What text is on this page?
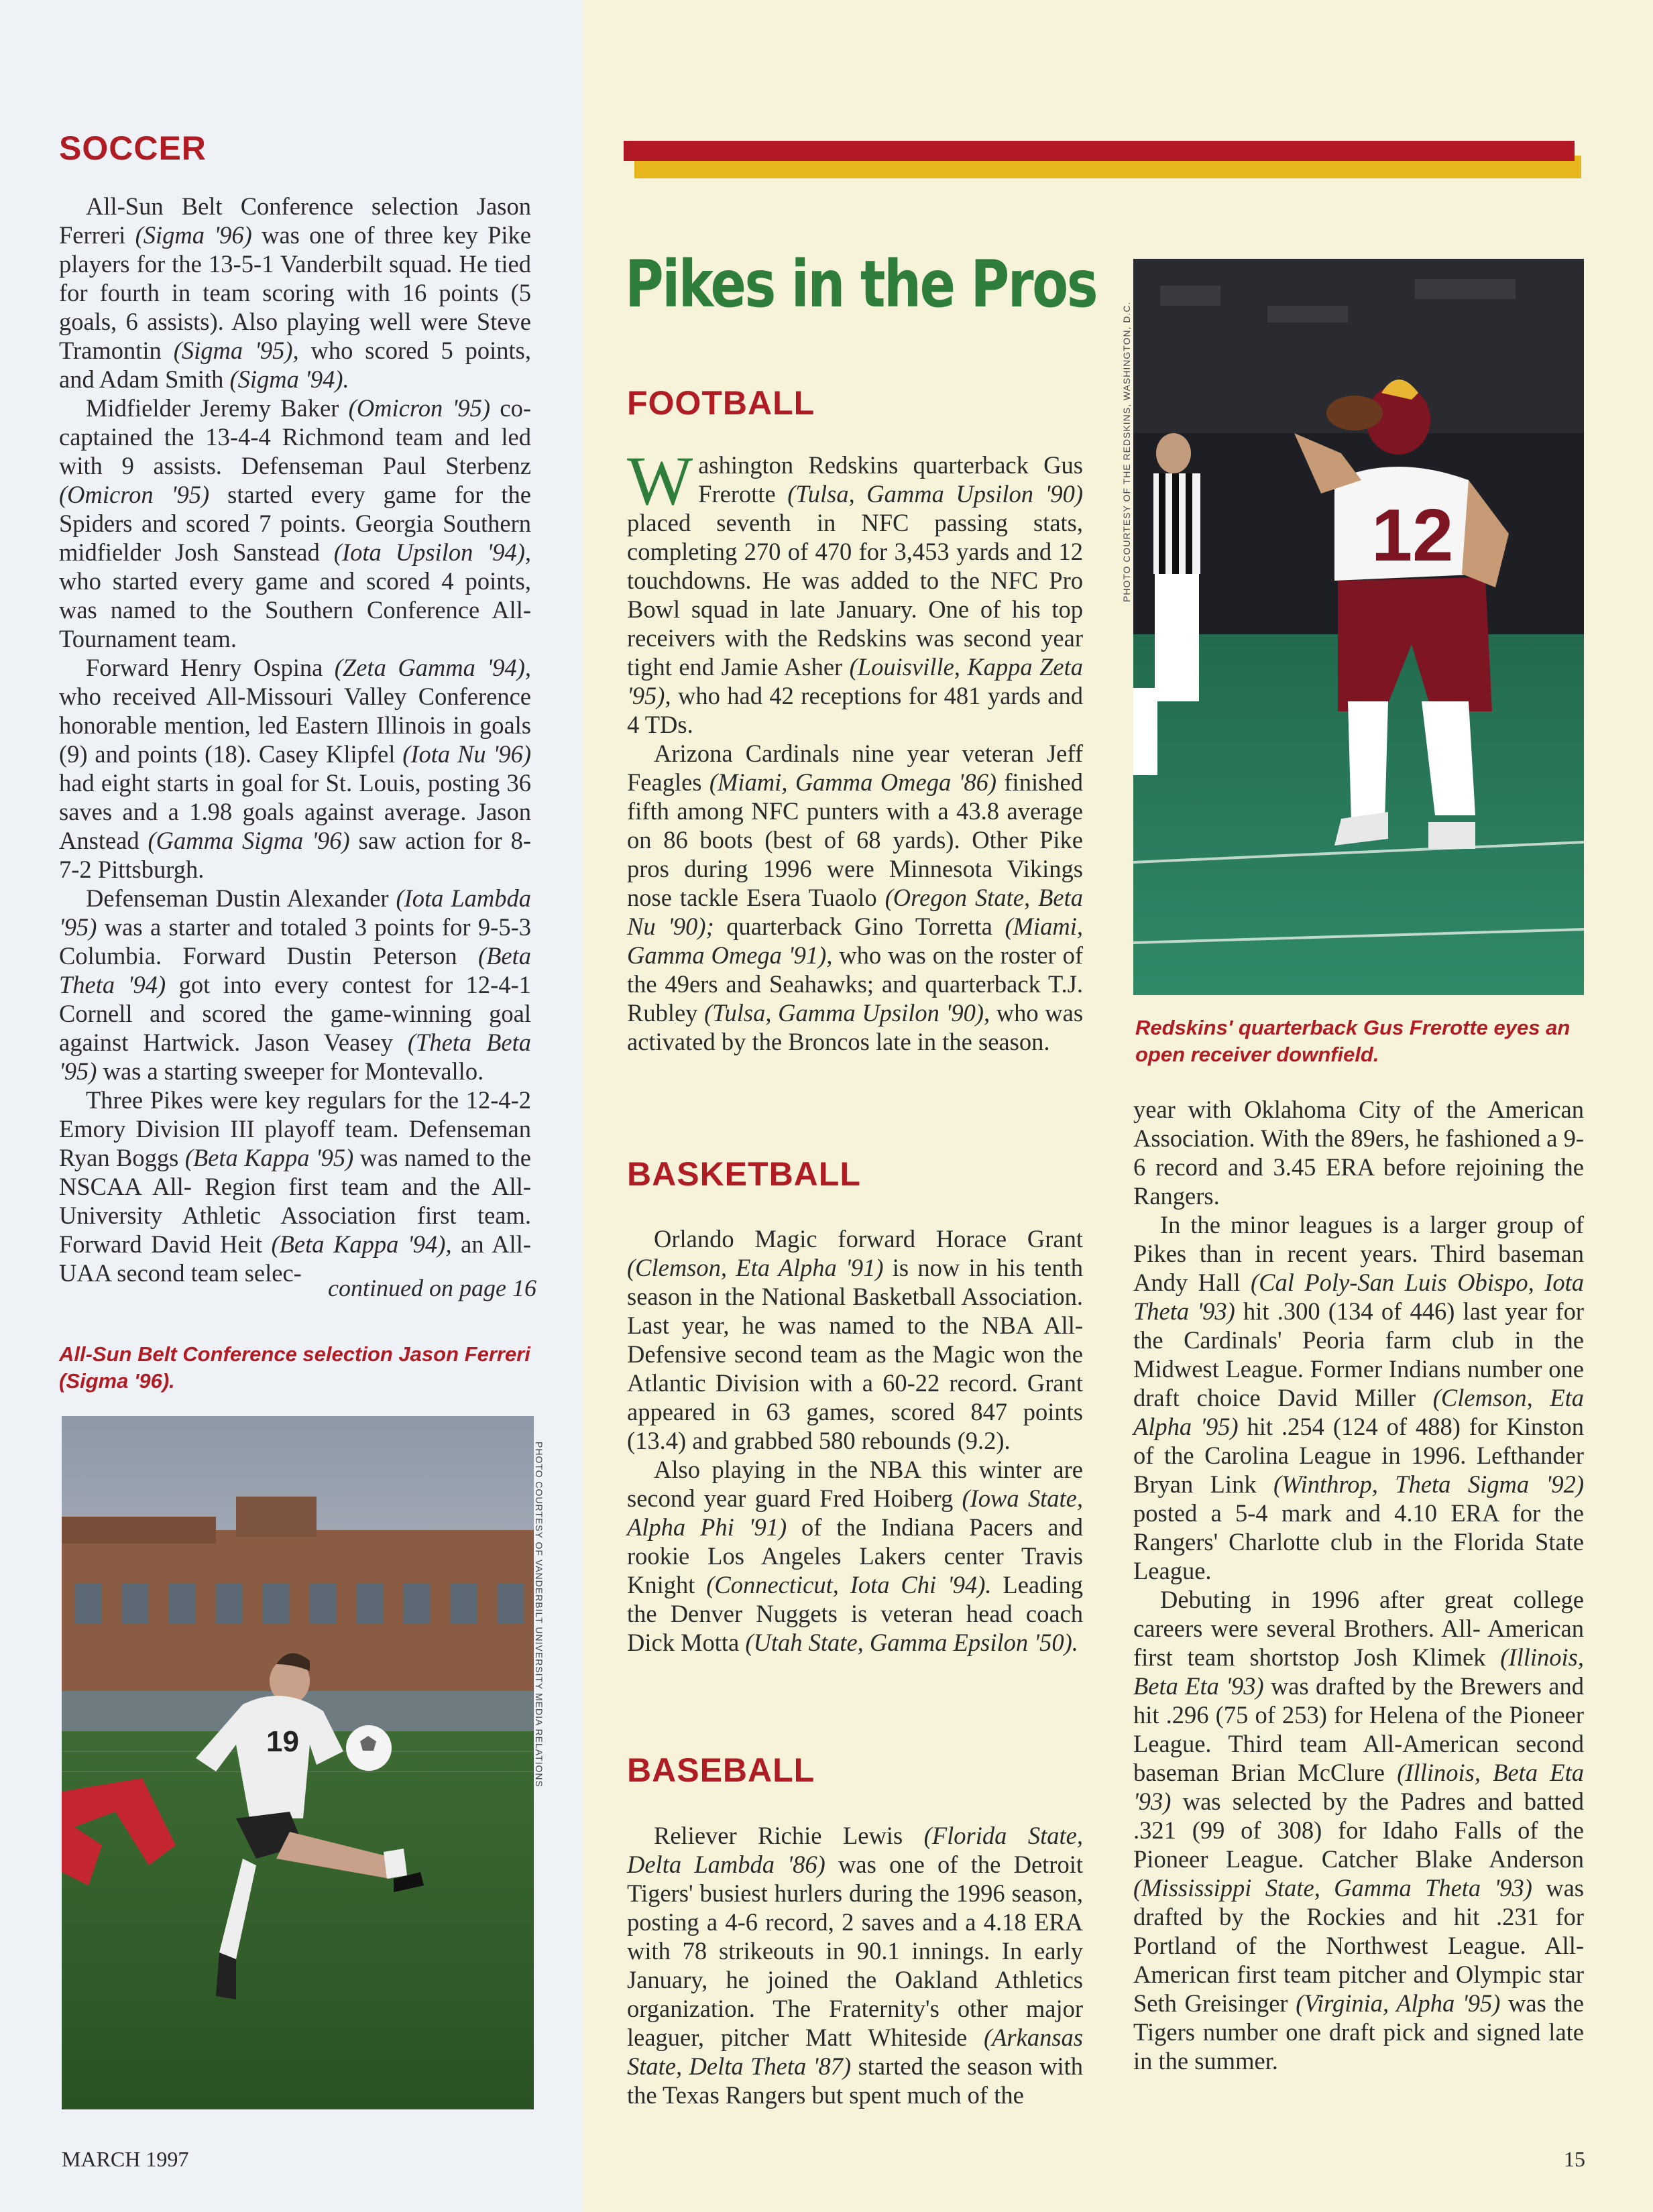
SOCCER

All-Sun Belt Conference selection Jason Ferreri (Sigma '96) was one of three key Pike players for the 13-5-1 Vanderbilt squad. He tied for fourth in team scoring with 16 points (5 goals, 6 assists). Also playing well were Steve Tramontin (Sigma '95), who scored 5 points, and Adam Smith (Sigma '94).

Midfielder Jeremy Baker (Omicron '95) co-captained the 13-4-4 Richmond team and led with 9 assists. Defenseman Paul Sterbenz (Omicron '95) started every game for the Spiders and scored 7 points. Georgia Southern midfielder Josh Sanstead (Iota Upsilon '94), who started every game and scored 4 points, was named to the Southern Conference All-Tournament team.

Forward Henry Ospina (Zeta Gamma '94), who received All-Missouri Valley Conference honorable mention, led Eastern Illinois in goals (9) and points (18). Casey Klipfel (Iota Nu '96) had eight starts in goal for St. Louis, posting 36 saves and a 1.98 goals against average. Jason Anstead (Gamma Sigma '96) saw action for 8-7-2 Pittsburgh.

Defenseman Dustin Alexander (Iota Lambda '95) was a starter and totaled 3 points for 9-5-3 Columbia. Forward Dustin Peterson (Beta Theta '94) got into every contest for 12-4-1 Cornell and scored the game-winning goal against Hartwick. Jason Veasey (Theta Beta '95) was a starting sweeper for Montevallo.

Three Pikes were key regulars for the 12-4-2 Emory Division III playoff team. Defenseman Ryan Boggs (Beta Kappa '95) was named to the NSCAA All- Region first team and the All-University Athletic Association first team. Forward David Heit (Beta Kappa '94), an All-UAA second team selec-

continued on page 16

All-Sun Belt Conference selection Jason Ferreri (Sigma '96).

19	PHOTO COURTESY OF VANDERBILT UNIVERSITY MEDIA RELATIONS
Pikes in the Pros
FOOTBALL

Washington Redskins quarterback Gus Frerotte (Tulsa, Gamma Upsilon '90) placed seventh in NFC passing stats, completing 270 of 470 for 3,453 yards and 12 touchdowns. He was added to the NFC Pro Bowl squad in late January. One of his top receivers with the Redskins was second year tight end Jamie Asher (Louisville, Kappa Zeta '95), who had 42 receptions for 481 yards and 4 TDs.

Arizona Cardinals nine year veteran Jeff Feagles (Miami, Gamma Omega '86) finished fifth among NFC punters with a 43.8 average on 86 boots (best of 68 yards). Other Pike pros during 1996 were Minnesota Vikings nose tackle Esera Tuaolo (Oregon State, Beta Nu '90); quarterback Gino Torretta (Miami, Gamma Omega '91), who was on the roster of the 49ers and Seahawks; and quarterback T.J. Rubley (Tulsa, Gamma Upsilon '90), who was activated by the Broncos late in the season.

12
PHOTO COURTESY OF THE REDSKINS, WASHINGTON, D.C.

Redskins' quarterback Gus Frerotte eyes an open receiver downfield.

BASKETBALL

Orlando Magic forward Horace Grant (Clemson, Eta Alpha '91) is now in his tenth season in the National Basketball Association. Last year, he was named to the NBA All-Defensive second team as the Magic won the Atlantic Division with a 60-22 record. Grant appeared in 63 games, scored 847 points (13.4) and grabbed 580 rebounds (9.2).

Also playing in the NBA this winter are second year guard Fred Hoiberg (Iowa State, Alpha Phi '91) of the Indiana Pacers and rookie Los Angeles Lakers center Travis Knight (Connecticut, Iota Chi '94). Leading the Denver Nuggets is veteran head coach Dick Motta (Utah State, Gamma Epsilon '50).

BASEBALL

Reliever Richie Lewis (Florida State, Delta Lambda '86) was one of the Detroit Tigers' busiest hurlers during the 1996 season, posting a 4-6 record, 2 saves and a 4.18 ERA with 78 strikeouts in 90.1 innings. In early January, he joined the Oakland Athletics organization. The Fraternity's other major leaguer, pitcher Matt Whiteside (Arkansas State, Delta Theta '87) started the season with the Texas Rangers but spent much of the

year with Oklahoma City of the American Association. With the 89ers, he fashioned a 9-6 record and 3.45 ERA before rejoining the Rangers.

In the minor leagues is a larger group of Pikes than in recent years. Third baseman Andy Hall (Cal Poly-San Luis Obispo, Iota Theta '93) hit .300 (134 of 446) last year for the Cardinals' Peoria farm club in the Midwest League. Former Indians number one draft choice David Miller (Clemson, Eta Alpha '95) hit .254 (124 of 488) for Kinston of the Carolina League in 1996. Lefthander Bryan Link (Winthrop, Theta Sigma '92) posted a 5-4 mark and 4.10 ERA for the Rangers' Charlotte club in the Florida State League.

Debuting in 1996 after great college careers were several Brothers. All- American first team shortstop Josh Klimek (Illinois, Beta Eta '93) was drafted by the Brewers and hit .296 (75 of 253) for Helena of the Pioneer League. Third team All-American second baseman Brian McClure (Illinois, Beta Eta '93) was selected by the Padres and batted .321 (99 of 308) for Idaho Falls of the Pioneer League. Catcher Blake Anderson (Mississippi State, Gamma Theta '93) was drafted by the Rockies and hit .231 for Portland of the Northwest League. All- American first team pitcher and Olympic star Seth Greisinger (Virginia, Alpha '95) was the Tigers number one draft pick and signed late in the summer.

MARCH 1997	15
